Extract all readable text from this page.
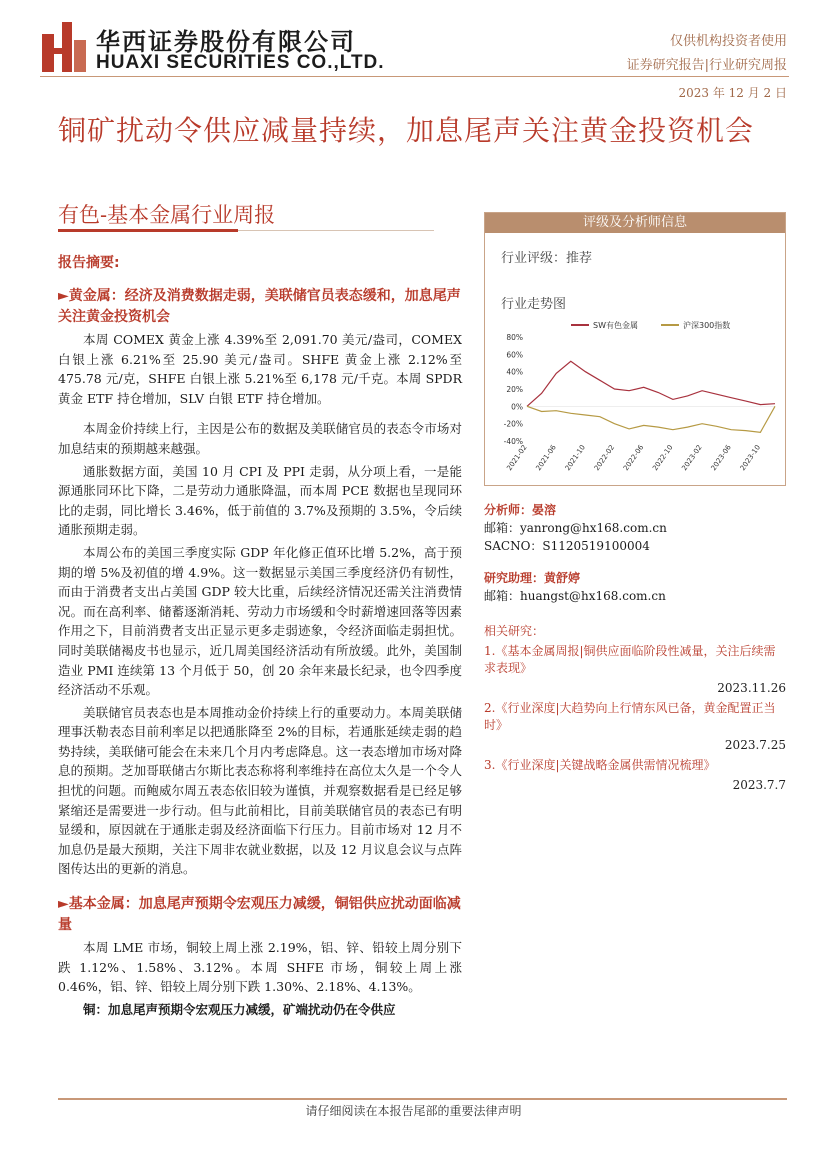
华西证券股份有限公司
HUAXI SECURITIES CO.,LTD.
仅供机构投资者使用
证券研究报告|行业研究周报
2023 年 12 月 2 日
铜矿扰动令供应减量持续，加息尾声关注黄金投资机会
有色-基本金属行业周报
报告摘要:
►黄金属：经济及消费数据走弱，美联储官员表态缓和，加息尾声关注黄金投资机会

本周 COMEX 黄金上涨 4.39%至 2,091.70 美元/盎司，COMEX 白银上涨 6.21%至 25.90 美元/盎司。SHFE 黄金上涨 2.12%至 475.78 元/克，SHFE 白银上涨 5.21%至 6,178 元/千克。本周 SPDR 黄金 ETF 持仓增加，SLV 白银 ETF 持仓增加。

本周金价持续上行，主因是公布的数据及美联储官员的表态令市场对加息结束的预期越来越强。

通胀数据方面，美国 10 月 CPI 及 PPI 走弱，从分项上看，一是能源通胀同环比下降，二是劳动力通胀降温，而本周 PCE 数据也呈现同环比的走弱，同比增长 3.46%，低于前值的 3.7%及预期的 3.5%，令后续通胀预期走弱。

本周公布的美国三季度实际 GDP 年化修正值环比增 5.2%，高于预期的增 5%及初值的增 4.9%。这一数据显示美国三季度经济仍有韧性，而由于消费者支出占美国 GDP 较大比重，后续经济情况还需关注消费情况。而在高利率、储蓄逐渐消耗、劳动力市场缓和令时薪增速回落等因素作用之下，目前消费者支出正显示更多走弱迹象，令经济面临走弱担忧。同时美联储褐皮书也显示，近几周美国经济活动有所放缓。此外，美国制造业 PMI 连续第 13 个月低于 50，创 20 余年来最长纪录，也令四季度经济活动不乐观。

美联储官员表态也是本周推动金价持续上行的重要动力。本周美联储理事沃勒表态目前利率足以把通胀降至 2%的目标，若通胀延续走弱的趋势持续，美联储可能会在未来几个月内考虑降息。这一表态增加市场对降息的预期。芝加哥联储古尔斯比表态称将利率维持在高位太久是一个令人担忧的问题。而鲍威尔周五表态依旧较为谨慎，并观察数据看是已经足够紧缩还是需要进一步行动。但与此前相比，目前美联储官员的表态已有明显缓和，原因就在于通胀走弱及经济面临下行压力。目前市场对 12 月不加息仍是最大预期，关注下周非农就业数据，以及 12 月议息会议与点阵图传达出的更新的消息。

►基本金属：加息尾声预期令宏观压力减缓，铜铝供应扰动面临减量

本周 LME 市场，铜较上周上涨 2.19%，铝、锌、铅较上周分别下跌 1.12%、1.58%、3.12%。本周 SHFE 市场，铜较上周上涨 0.46%，铝、锌、铅较上周分别下跌 1.30%、2.18%、4.13%。

铜：加息尾声预期令宏观压力减缓，矿端扰动仍在令供应

评级及分析师信息
行业评级：推荐
行业走势图
SW有色金属	沪深300指数
80%
60%
40%
20%
0%
-20%
-40%
2021-02 2021-06 2021-10 2022-02 2022-06 2022-10 2023-02 2023-06 2023-10
分析师：晏溶
邮箱：yanrong@hx168.com.cn
SACNO：S1120519100004
研究助理：黄舒婷
邮箱：huangst@hx168.com.cn
相关研究：
1.《基本金属周报|铜供应面临阶段性减量，关注后续需求表现》
2023.11.26
2.《行业深度|大趋势向上行情东风已备，黄金配置正当时》
2023.7.25
3.《行业深度|关键战略金属供需情况梳理》
2023.7.7
请仔细阅读在本报告尾部的重要法律声明
